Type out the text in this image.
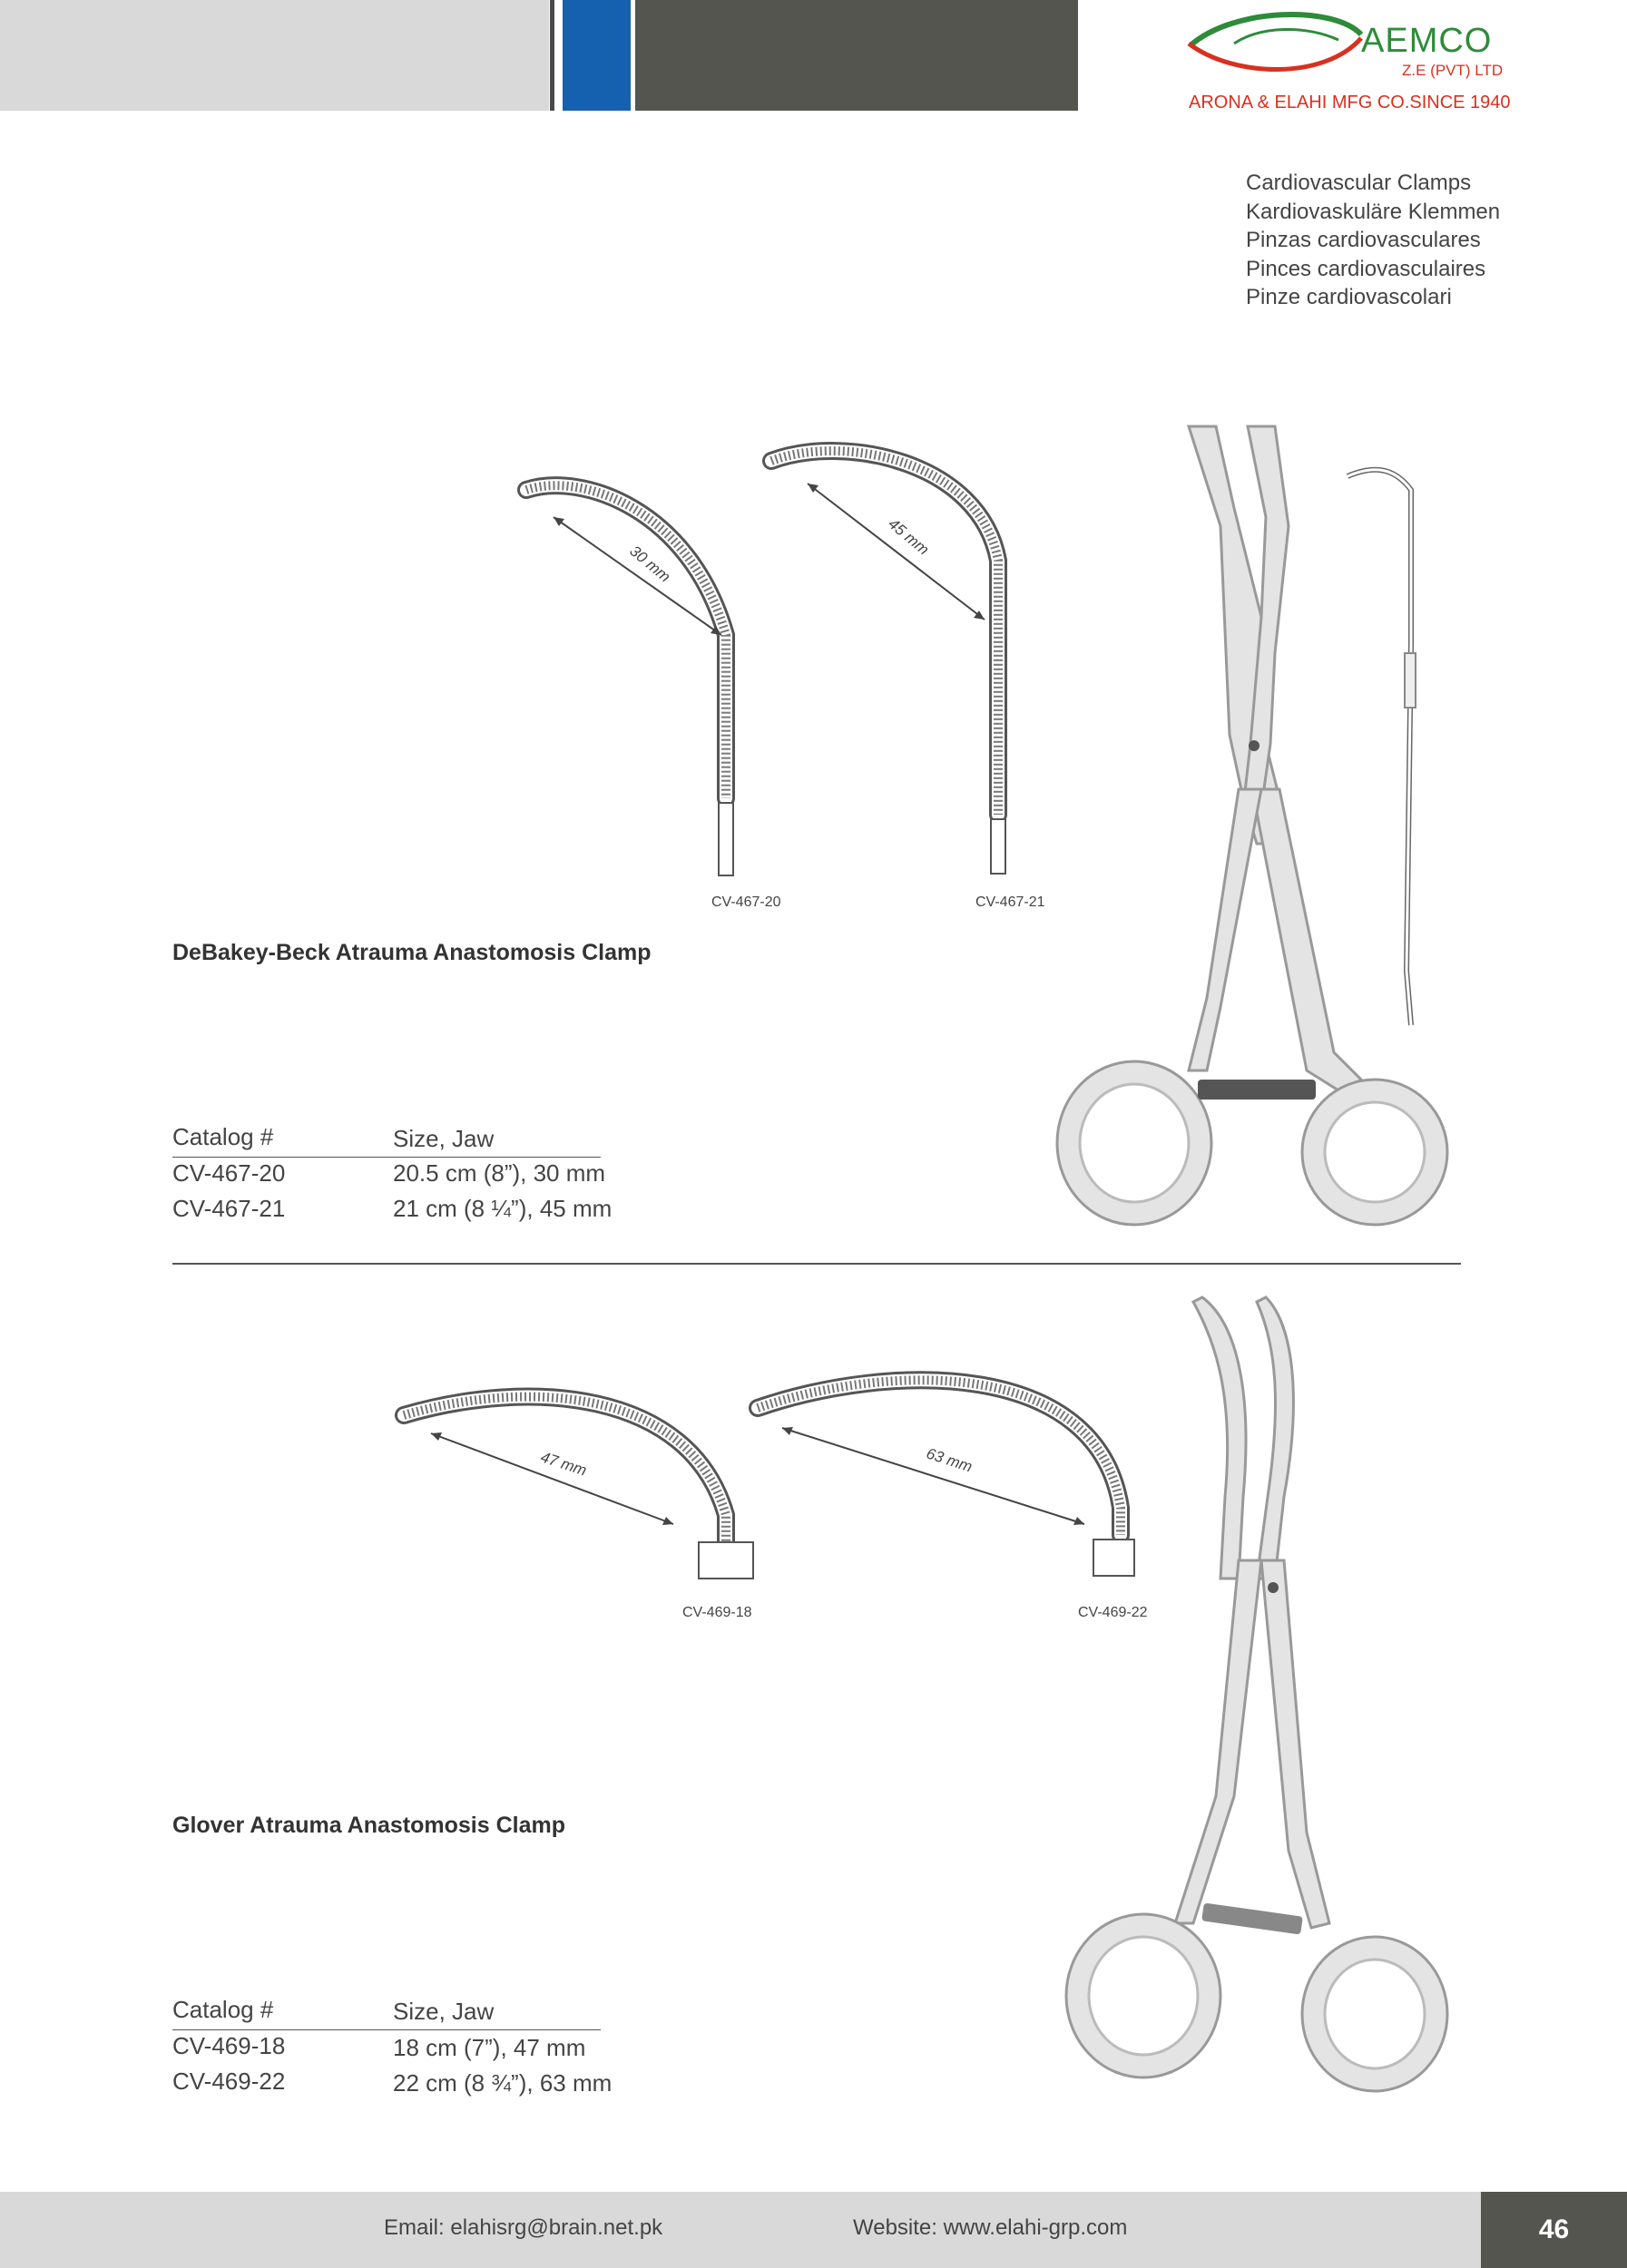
AEMCO
Z.E (PVT) LTD
ARONA & ELAHI MFG CO.SINCE 1940
Cardiovascular Clamps
Kardiovaskuläre Klemmen
Pinzas cardiovasculares
Pinces cardiovasculaires
Pinze cardiovascolari
30 mm
CV-467-20
45 mm
CV-467-21
DeBakey-Beck Atrauma Anastomosis Clamp
Catalog #	Size, Jaw
CV-467-20	20.5 cm (8”), 30 mm
CV-467-21	21 cm (8 ¼”), 45 mm
47 mm
CV-469-18
63 mm
CV-469-22
Glover Atrauma Anastomosis Clamp
Catalog #	Size, Jaw
CV-469-18	18 cm (7”), 47 mm
CV-469-22	22 cm (8 ¾”), 63 mm
Email: elahisrg@brain.net.pk	Website: www.elahi-grp.com	46
